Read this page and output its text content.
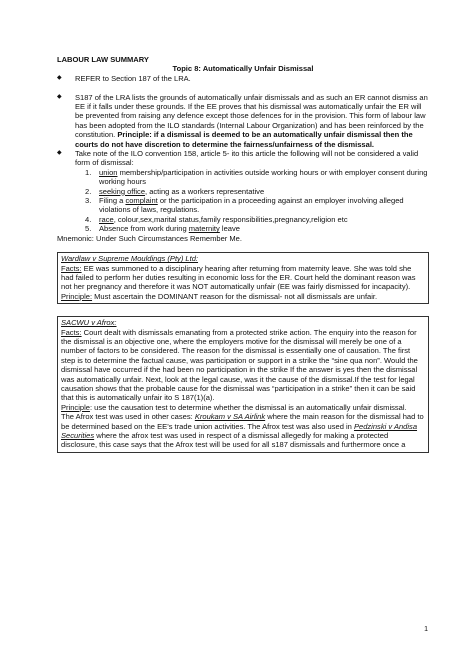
LABOUR LAW SUMMARY

Topic 8: Automatically Unfair Dismissal

◆ REFER to Section 187 of the LRA.
◆ S187 of the LRA lists the grounds of automatically unfair dismissals and as such an ER cannot dismiss an EE if it falls under these grounds. If the EE proves that his dismissal was automatically unfair the ER will be prevented from raising any defence except those defences for in the provision. This form of labour law has been adopted from the ILO standards (Internal Labour Organization) and has been reinforced by the constitution. Principle: if a dismissal is deemed to be an automatically unfair dismissal then the courts do not have discretion to determine the fairness/unfairness of the dismissal.
◆ Take note of the ILO convention 158, article 5- ito this article the following will not be considered a valid form of dismissal:
1. union membership/participation in activities outside working hours or with employer consent during working hours
2. seeking office, acting as a workers representative
3. Filing a complaint or the participation in a proceeding against an employer involving alleged violations of laws, regulations.
4. race, colour,sex,marital status,family responsibilities,pregnancy,religion etc
5. Absence from work during maternity leave

Mnemonic: Under Such Circumstances Remember Me.

Wardlaw v Supreme Mouldings (Pty) Ltd:

Facts: EE was summoned to a disciplinary hearing after returning from maternity leave. She was told she had failed to perform her duties resulting in economic loss for the ER. Court held the dominant reason was not her pregnancy and therefore it was NOT automatically unfair (EE was fairly dismissed for incapacity).

Principle: Must ascertain the DOMINANT reason for the dismissal- not all dismissals are unfair.

SACWU v Afrox:

Facts: Court dealt with dismissals emanating from a protected strike action. The enquiry into the reason for the dismissal is an objective one, where the employers motive for the dismissal will merely be one of a number of factors to be considered. The reason for the dismissal is essentially one of causation. The first step is to determine the factual cause, was participation or support in a strike the “sine qua non”. Would the dismissal have occurred if the had been no participation in the strike If the answer is yes then the dismissal was automatically unfair. Next, look at the legal cause, was it the cause of the dismissal.If the test for legal causation shows that the probable cause for the dismissal was “participation in a strike” then it can be said that this is automatically unfair ito S 187(1)(a).

Principle: use the causation test to determine whether the dismissal is an automatically unfair dismissal.

The Afrox test was used in other cases: Kroukam v SA Airlink where the main reason for the dismissal had to be determined based on the EE’s trade union activities. The Afrox test was also used in Pedzinski v Andisa Securities where the afrox test was used in respect of a dismissal allegedly for making a protected disclosure, this case says that the Afrox test will be used for all s187 dismissals and furthermore once a

1
